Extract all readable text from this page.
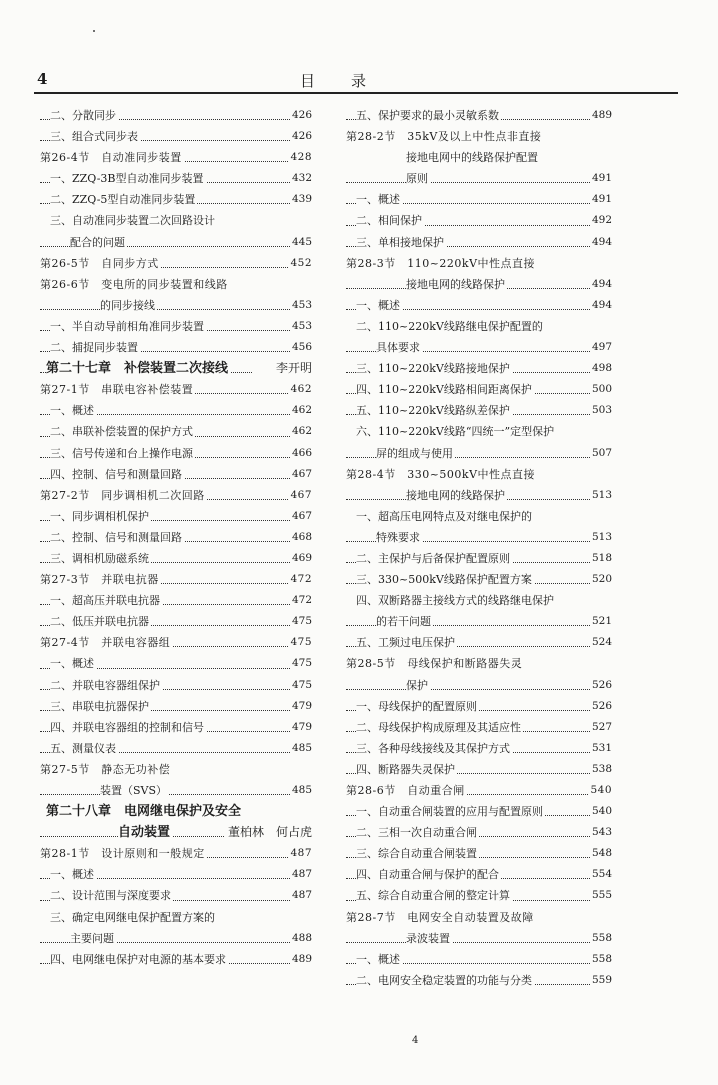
4	目录
二、分散同步	426
三、组合式同步表	426
第26-4节　自动准同步装置	428
一、ZZQ-3B型自动准同步装置	432
二、ZZQ-5型自动准同步装置	439
三、自动准同步装置二次回路设计
配合的问题	445
第26-5节　自同步方式	452
第26-6节　变电所的同步装置和线路
的同步接线	453
一、半自动导前相角准同步装置	453
二、捕捉同步装置	456
第二十七章　补偿装置二次接线	李开明
第27-1节　串联电容补偿装置	462
一、概述	462
二、串联补偿装置的保护方式	462
三、信号传递和台上操作电源	466
四、控制、信号和测量回路	467
第27-2节　同步调相机二次回路	467
一、同步调相机保护	467
二、控制、信号和测量回路	468
三、调相机励磁系统	469
第27-3节　并联电抗器	472
一、超高压并联电抗器	472
二、低压并联电抗器	475
第27-4节　并联电容器组	475
一、概述	475
二、并联电容器组保护	475
三、串联电抗器保护	479
四、并联电容器组的控制和信号	479
五、测量仪表	485
第27-5节　静态无功补偿
装置（SVS）	485
第二十八章　电网继电保护及安全
自动装置	董柏林　何占虎
第28-1节　设计原则和一般规定	487
一、概述	487
二、设计范围与深度要求	487
三、确定电网继电保护配置方案的
主要问题	488
四、电网继电保护对电源的基本要求	489
五、保护要求的最小灵敏系数	489
第28-2节　35kV及以上中性点非直接
接地电网中的线路保护配置
原则	491
一、概述	491
二、相间保护	492
三、单相接地保护	494
第28-3节　110~220kV中性点直接
接地电网的线路保护	494
一、概述	494
二、110~220kV线路继电保护配置的
具体要求	497
三、110~220kV线路接地保护	498
四、110~220kV线路相间距离保护	500
五、110~220kV线路纵差保护	503
六、110~220kV线路“四统一”定型保护
屏的组成与使用	507
第28-4节　330~500kV中性点直接
接地电网的线路保护	513
一、超高压电网特点及对继电保护的
特殊要求	513
二、主保护与后备保护配置原则	518
三、330~500kV线路保护配置方案	520
四、双断路器主接线方式的线路继电保护
的若干问题	521
五、工频过电压保护	524
第28-5节　母线保护和断路器失灵
保护	526
一、母线保护的配置原则	526
二、母线保护构成原理及其适应性	527
三、各种母线接线及其保护方式	531
四、断路器失灵保护	538
第28-6节　自动重合闸	540
一、自动重合闸装置的应用与配置原则	540
二、三相一次自动重合闸	543
三、综合自动重合闸装置	548
四、自动重合闸与保护的配合	554
五、综合自动重合闸的整定计算	555
第28-7节　电网安全自动装置及故障
录波装置	558
一、概述	558
二、电网安全稳定装置的功能与分类	559
4
